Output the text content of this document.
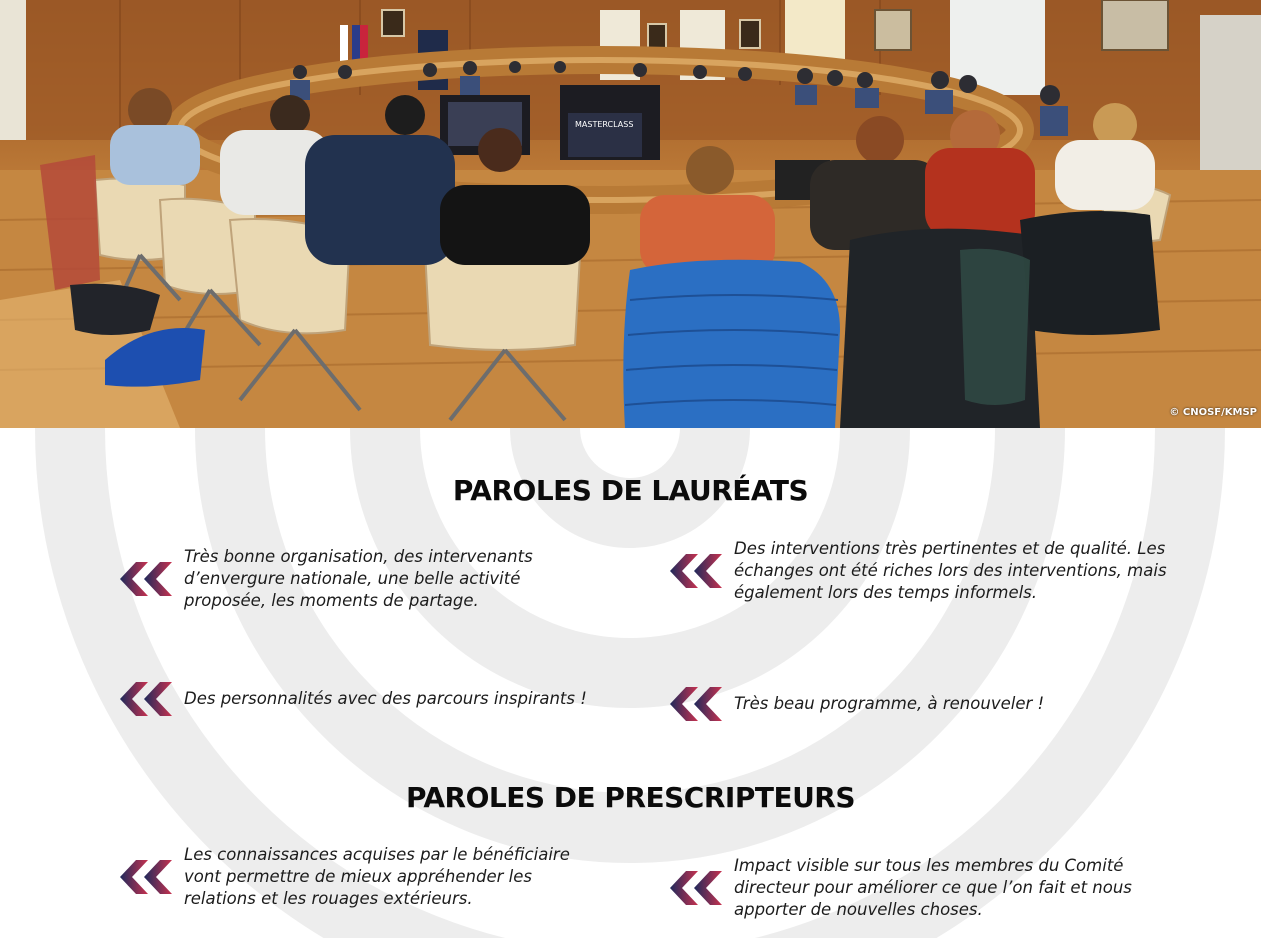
MASTERCLASS
© CNOSF/KMSP
PAROLES DE LAURÉATS
Très bonne organisation, des intervenants d’envergure nationale, une belle activité proposée, les moments de partage.
Des interventions très pertinentes et de qualité. Les échanges ont été riches lors des interventions, mais également lors des temps informels.
Des personnalités avec des parcours inspirants !	Très beau programme, à renouveler !
PAROLES DE PRESCRIPTEURS
Les connaissances acquises par le bénéficiaire vont permettre de mieux appréhender les relations et les rouages extérieurs.
Impact visible sur tous les membres du Comité directeur pour améliorer ce que l’on fait et nous apporter de nouvelles choses.
